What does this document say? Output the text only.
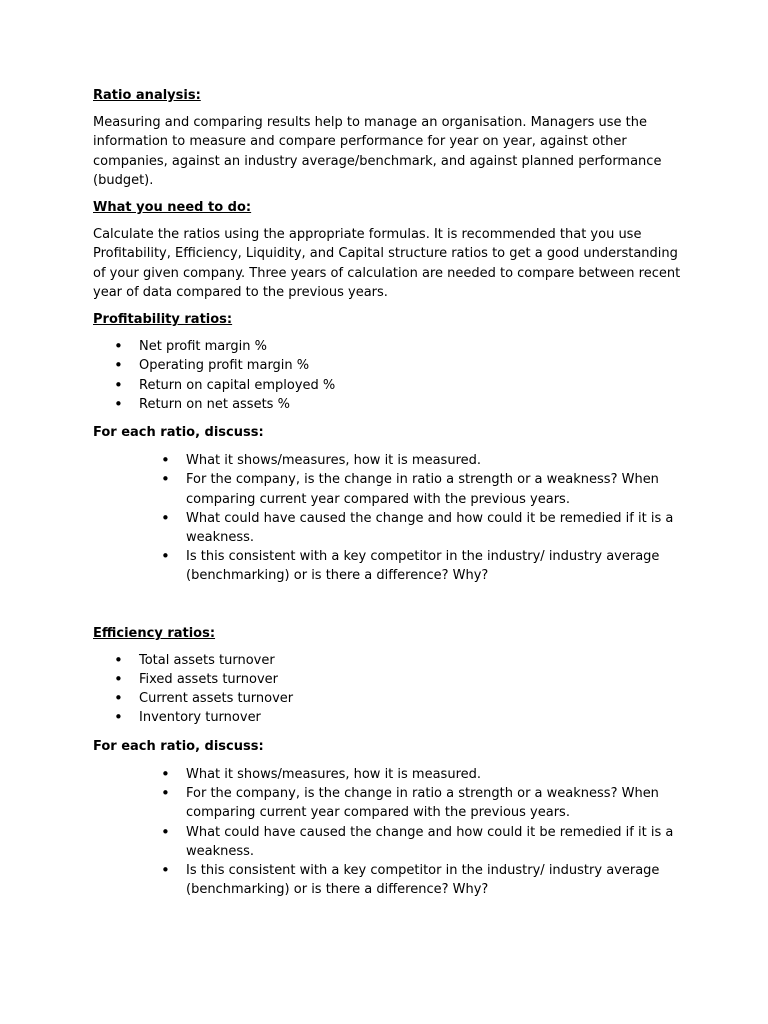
Ratio analysis:

Measuring and comparing results help to manage an organisation. Managers use the information to measure and compare performance for year on year, against other companies, against an industry average/benchmark, and against planned performance (budget).

What you need to do:

Calculate the ratios using the appropriate formulas. It is recommended that you use Profitability, Efficiency, Liquidity, and Capital structure ratios to get a good understanding of your given company. Three years of calculation are needed to compare between recent year of data compared to the previous years.

Profitability ratios:
• Net profit margin %
• Operating profit margin %
• Return on capital employed %
• Return on net assets %
For each ratio, discuss:
• What it shows/measures, how it is measured.
• For the company, is the change in ratio a strength or a weakness? When comparing current year compared with the previous years.
• What could have caused the change and how could it be remedied if it is a weakness.
• Is this consistent with a key competitor in the industry/ industry average (benchmarking) or is there a difference? Why?
Efficiency ratios:
• Total assets turnover
• Fixed assets turnover
• Current assets turnover
• Inventory turnover
For each ratio, discuss:
• What it shows/measures, how it is measured.
• For the company, is the change in ratio a strength or a weakness? When comparing current year compared with the previous years.
• What could have caused the change and how could it be remedied if it is a weakness.
• Is this consistent with a key competitor in the industry/ industry average (benchmarking) or is there a difference? Why?
